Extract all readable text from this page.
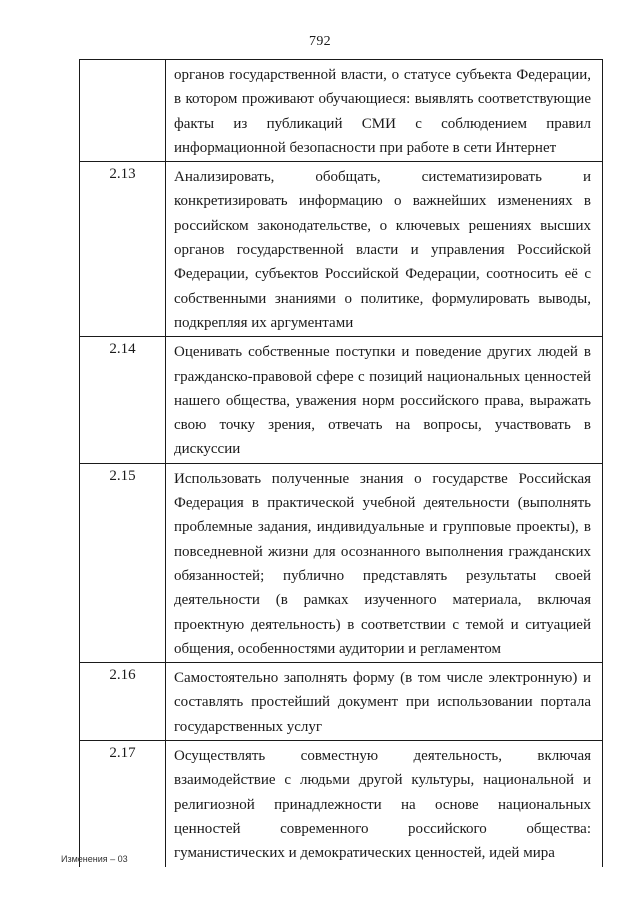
792
	органов государственной власти, о статусе субъекта Федерации, в котором проживают обучающиеся: выявлять соответствующие факты из публикаций СМИ с соблюдением правил информационной безопасности при работе в сети Интернет
2.13	Анализировать, обобщать, систематизировать и конкретизировать информацию о важнейших изменениях в российском законодательстве, о ключевых решениях высших органов государственной власти и управления Российской Федерации, субъектов Российской Федерации, соотносить её с собственными знаниями о политике, формулировать выводы, подкрепляя их аргументами
2.14	Оценивать собственные поступки и поведение других людей в гражданско-правовой сфере с позиций национальных ценностей нашего общества, уважения норм российского права, выражать свою точку зрения, отвечать на вопросы, участвовать в дискуссии
2.15	Использовать полученные знания о государстве Российская Федерация в практической учебной деятельности (выполнять проблемные задания, индивидуальные и групповые проекты), в повседневной жизни для осознанного выполнения гражданских обязанностей; публично представлять результаты своей деятельности (в рамках изученного материала, включая проектную деятельность) в соответствии с темой и ситуацией общения, особенностями аудитории и регламентом
2.16	Самостоятельно заполнять форму (в том числе электронную) и составлять простейший документ при использовании портала государственных услуг
2.17	Осуществлять совместную деятельность, включая взаимодействие с людьми другой культуры, национальной и религиозной принадлежности на основе национальных ценностей современного российского общества: гуманистических и демократических ценностей, идей мира
Изменения – 03
